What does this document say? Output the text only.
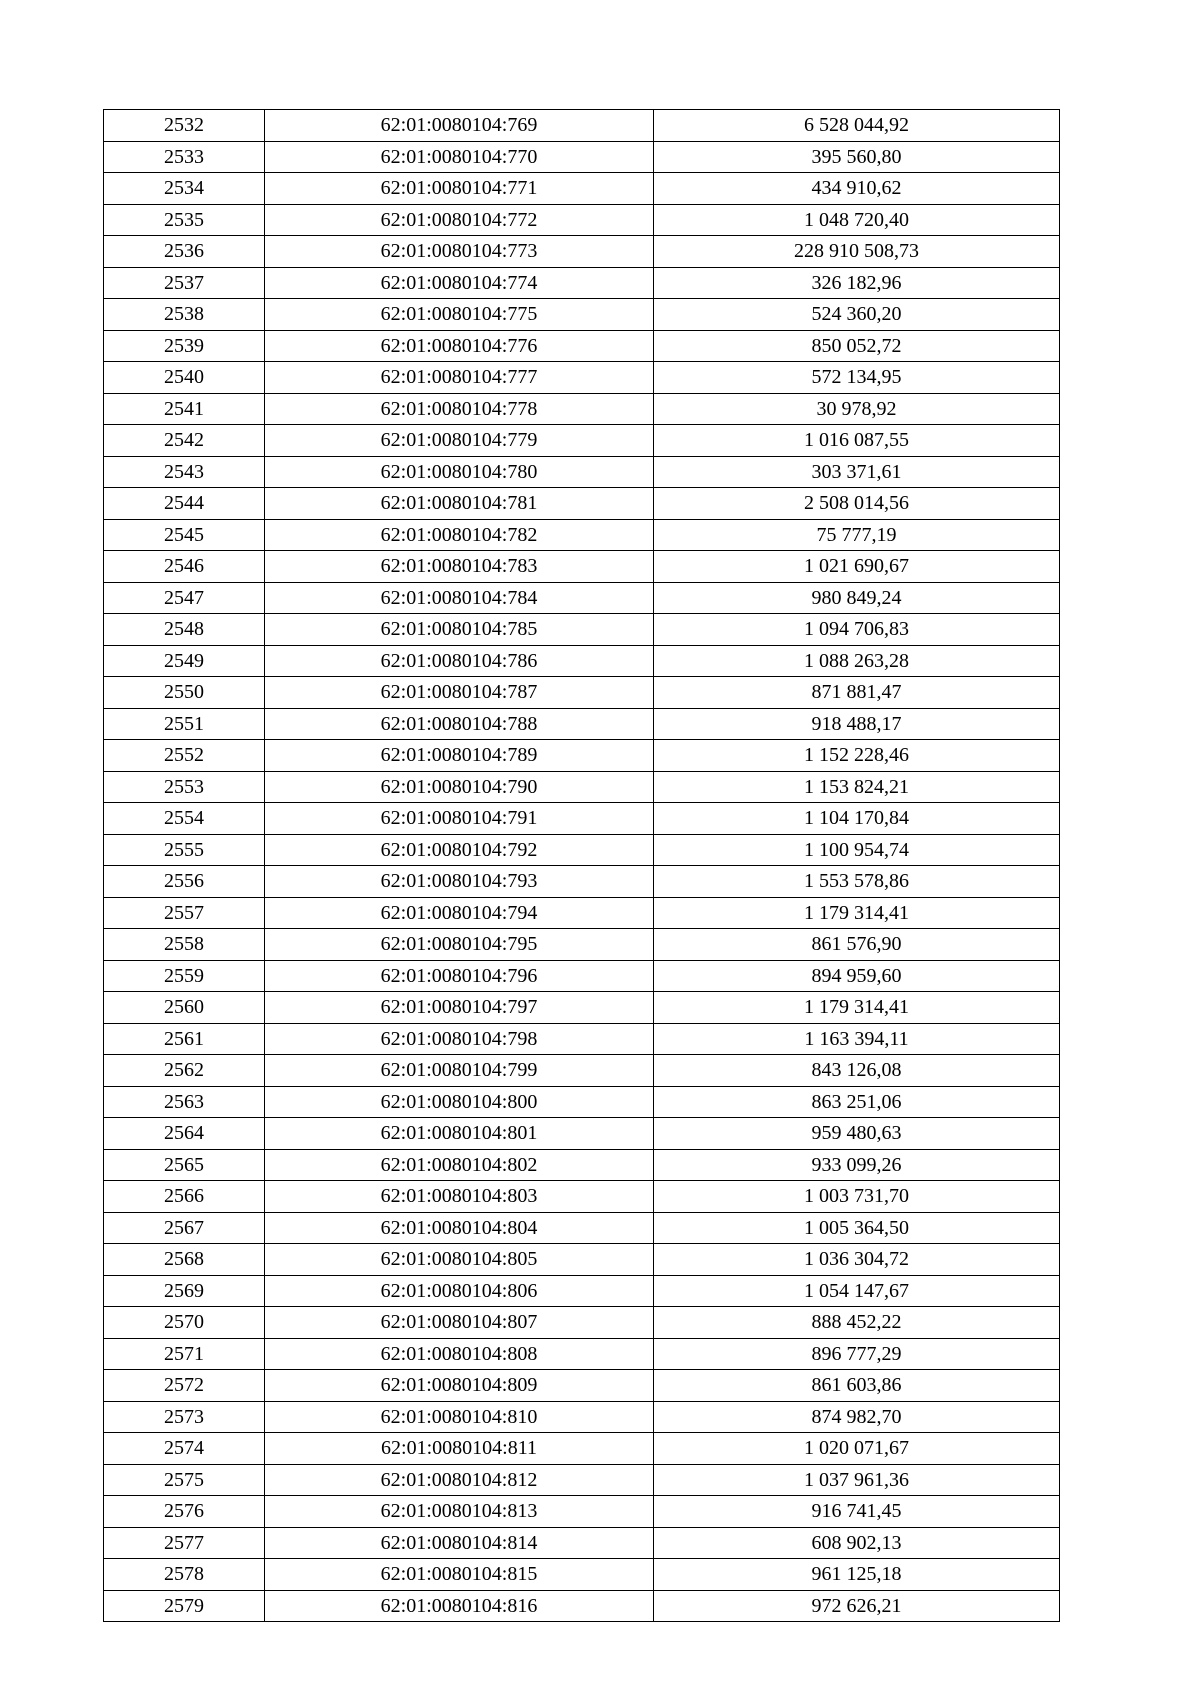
2532	62:01:0080104:769	6 528 044,92
2533	62:01:0080104:770	395 560,80
2534	62:01:0080104:771	434 910,62
2535	62:01:0080104:772	1 048 720,40
2536	62:01:0080104:773	228 910 508,73
2537	62:01:0080104:774	326 182,96
2538	62:01:0080104:775	524 360,20
2539	62:01:0080104:776	850 052,72
2540	62:01:0080104:777	572 134,95
2541	62:01:0080104:778	30 978,92
2542	62:01:0080104:779	1 016 087,55
2543	62:01:0080104:780	303 371,61
2544	62:01:0080104:781	2 508 014,56
2545	62:01:0080104:782	75 777,19
2546	62:01:0080104:783	1 021 690,67
2547	62:01:0080104:784	980 849,24
2548	62:01:0080104:785	1 094 706,83
2549	62:01:0080104:786	1 088 263,28
2550	62:01:0080104:787	871 881,47
2551	62:01:0080104:788	918 488,17
2552	62:01:0080104:789	1 152 228,46
2553	62:01:0080104:790	1 153 824,21
2554	62:01:0080104:791	1 104 170,84
2555	62:01:0080104:792	1 100 954,74
2556	62:01:0080104:793	1 553 578,86
2557	62:01:0080104:794	1 179 314,41
2558	62:01:0080104:795	861 576,90
2559	62:01:0080104:796	894 959,60
2560	62:01:0080104:797	1 179 314,41
2561	62:01:0080104:798	1 163 394,11
2562	62:01:0080104:799	843 126,08
2563	62:01:0080104:800	863 251,06
2564	62:01:0080104:801	959 480,63
2565	62:01:0080104:802	933 099,26
2566	62:01:0080104:803	1 003 731,70
2567	62:01:0080104:804	1 005 364,50
2568	62:01:0080104:805	1 036 304,72
2569	62:01:0080104:806	1 054 147,67
2570	62:01:0080104:807	888 452,22
2571	62:01:0080104:808	896 777,29
2572	62:01:0080104:809	861 603,86
2573	62:01:0080104:810	874 982,70
2574	62:01:0080104:811	1 020 071,67
2575	62:01:0080104:812	1 037 961,36
2576	62:01:0080104:813	916 741,45
2577	62:01:0080104:814	608 902,13
2578	62:01:0080104:815	961 125,18
2579	62:01:0080104:816	972 626,21
